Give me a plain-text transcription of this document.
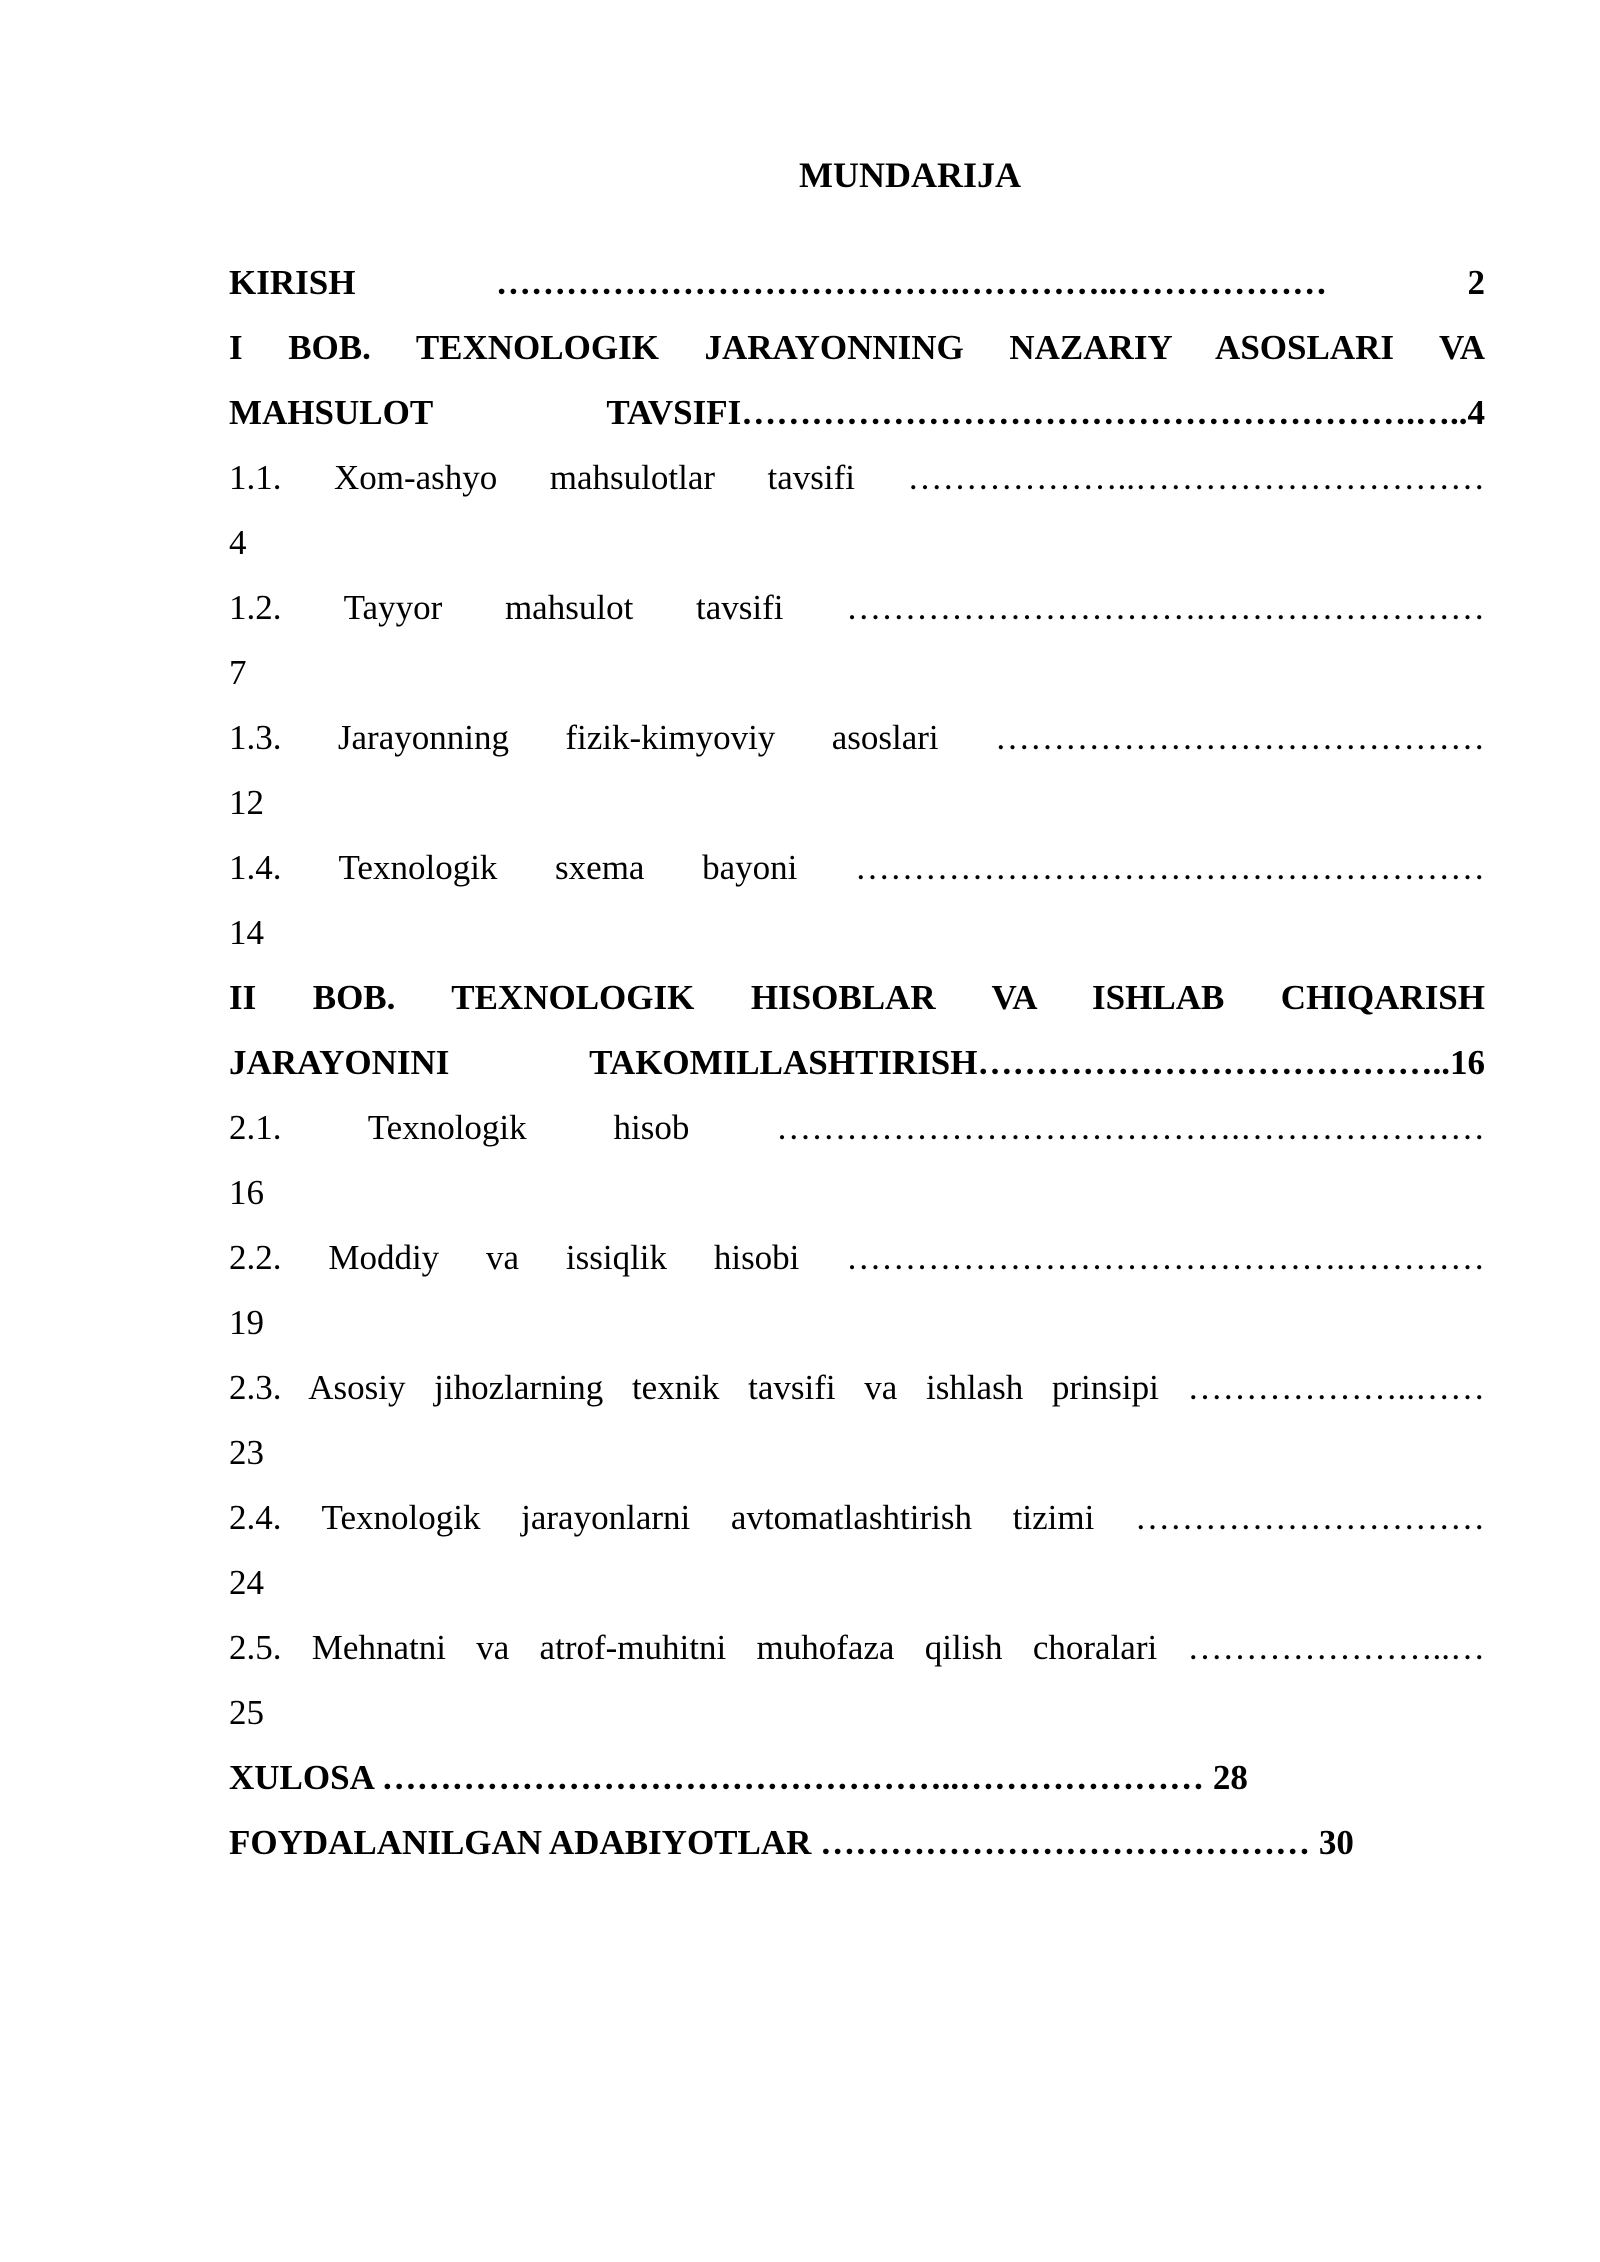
MUNDARIJA
KIRISH ………………………………….…………..……………… 2
I BOB. TEXNOLOGIK JARAYONNING NAZARIY ASOSLARI VA
MAHSULOT TAVSIFI………………………………………………….…..4
1.1. Xom-ashyo mahsulotlar tavsifi ………………..…………………………
4
1.2. Tayyor mahsulot tavsifi ………………………….……………………
7
1.3. Jarayonning fizik-kimyoviy asoslari ……………………………………
12
1.4. Texnologik sxema bayoni ………………………………………………
14
II BOB. TEXNOLOGIK HISOBLAR VA ISHLAB CHIQARISH
JARAYONINI TAKOMILLASHTIRISH…………………………………..16
2.1. Texnologik hisob ………………………………….…………………
16
2.2. Moddiy va issiqlik hisobi …………………………………….…………
19
2.3. Asosiy jihozlarning texnik tavsifi va ishlash prinsipi ………………..……
23
2.4. Texnologik jarayonlarni avtomatlashtirish tizimi …………………………
24
2.5. Mehnatni va atrof-muhitni muhofaza qilish choralari …………………..…
25
XULOSA …………………………………………..………………… 28
FOYDALANILGAN ADABIYOTLAR …………………………………… 30
